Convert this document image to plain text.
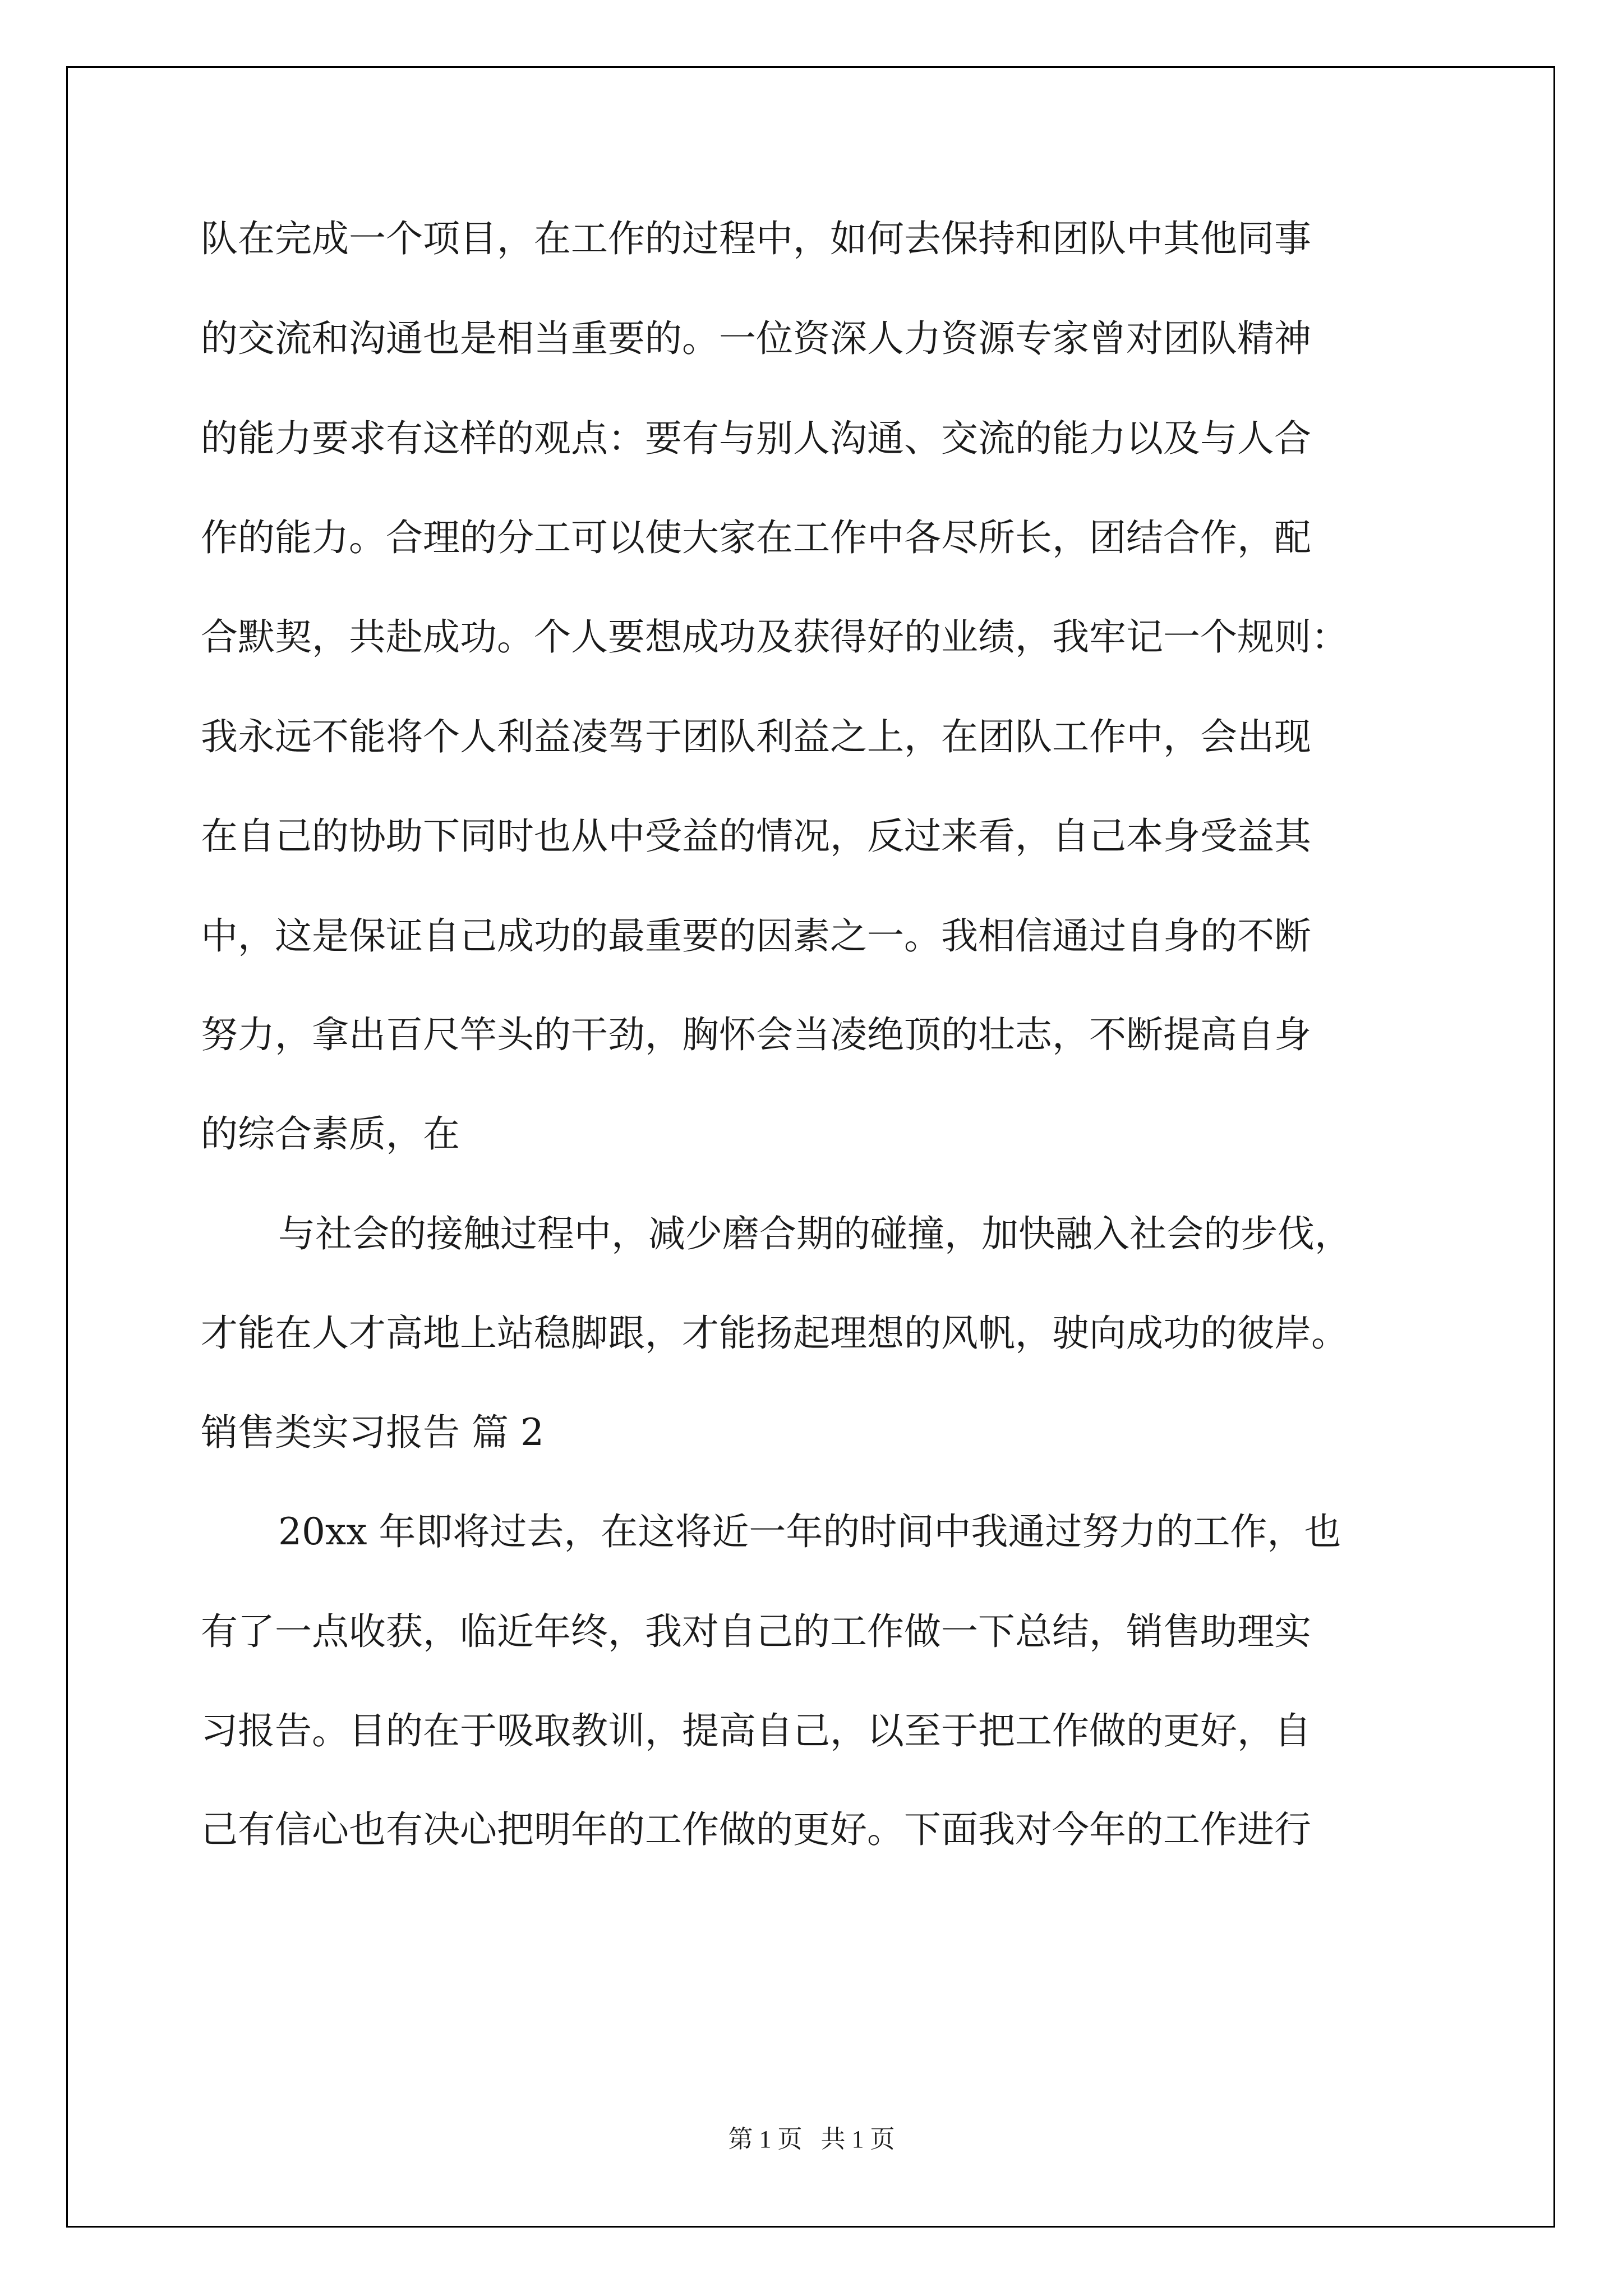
队在完成一个项目，在工作的过程中，如何去保持和团队中其他同事

的交流和沟通也是相当重要的。一位资深人力资源专家曾对团队精神

的能力要求有这样的观点：要有与别人沟通、交流的能力以及与人合

作的能力。合理的分工可以使大家在工作中各尽所长，团结合作，配

合默契，共赴成功。个人要想成功及获得好的业绩，我牢记一个规则：

我永远不能将个人利益凌驾于团队利益之上，在团队工作中，会出现

在自己的协助下同时也从中受益的情况，反过来看，自己本身受益其

中，这是保证自己成功的最重要的因素之一。我相信通过自身的不断

努力，拿出百尺竿头的干劲，胸怀会当凌绝顶的壮志，不断提高自身

的综合素质，在

与社会的接触过程中，减少磨合期的碰撞，加快融入社会的步伐，

才能在人才高地上站稳脚跟，才能扬起理想的风帆，驶向成功的彼岸。

销售类实习报告 篇 2

20xx 年即将过去，在这将近一年的时间中我通过努力的工作，也

有了一点收获，临近年终，我对自己的工作做一下总结，销售助理实

习报告。目的在于吸取教训，提高自己，以至于把工作做的更好，自

己有信心也有决心把明年的工作做的更好。下面我对今年的工作进行

第 1 页   共 1 页
